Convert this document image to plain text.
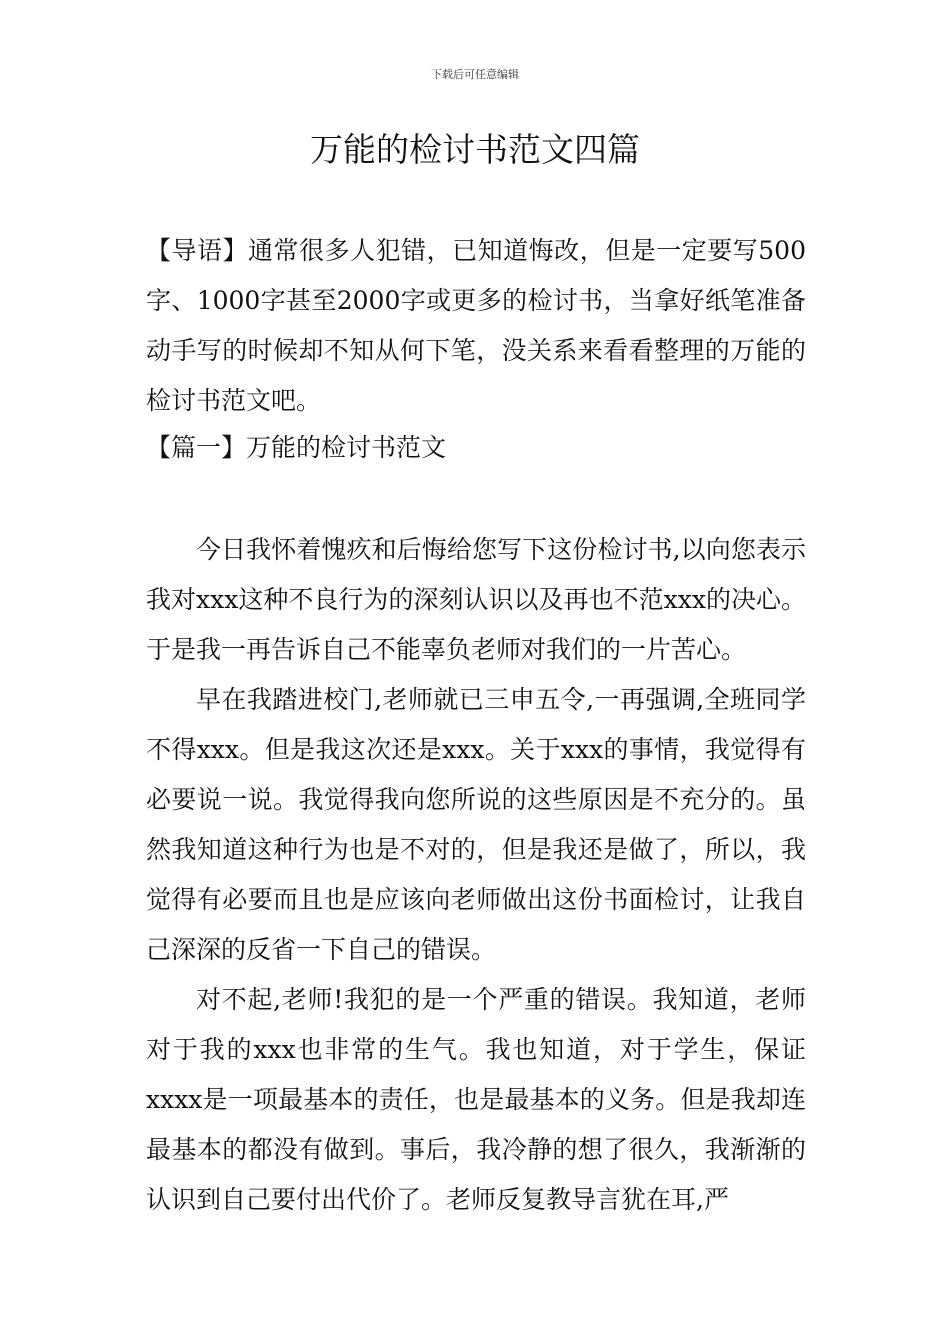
下载后可任意编辑
万能的检讨书范文四篇

【导语】通常很多人犯错，已知道悔改，但是一定要写500字、1000字甚至2000字或更多的检讨书，当拿好纸笔准备动手写的时候却不知从何下笔，没关系来看看整理的万能的检讨书范文吧。

【篇一】万能的检讨书范文

今日我怀着愧疚和后悔给您写下这份检讨书,以向您表示我对xxx这种不良行为的深刻认识以及再也不范xxx的决心。于是我一再告诉自己不能辜负老师对我们的一片苦心。

早在我踏进校门,老师就已三申五令,一再强调,全班同学不得xxx。但是我这次还是xxx。关于xxx的事情，我觉得有必要说一说。我觉得我向您所说的这些原因是不充分的。虽然我知道这种行为也是不对的，但是我还是做了，所以，我觉得有必要而且也是应该向老师做出这份书面检讨，让我自己深深的反省一下自己的错误。

对不起,老师!我犯的是一个严重的错误。我知道，老师对于我的xxx也非常的生气。我也知道，对于学生，保证xxxx是一项最基本的责任，也是最基本的义务。但是我却连最基本的都没有做到。事后，我冷静的想了很久，我渐渐的认识到自己要付出代价了。老师反复教导言犹在耳,严
